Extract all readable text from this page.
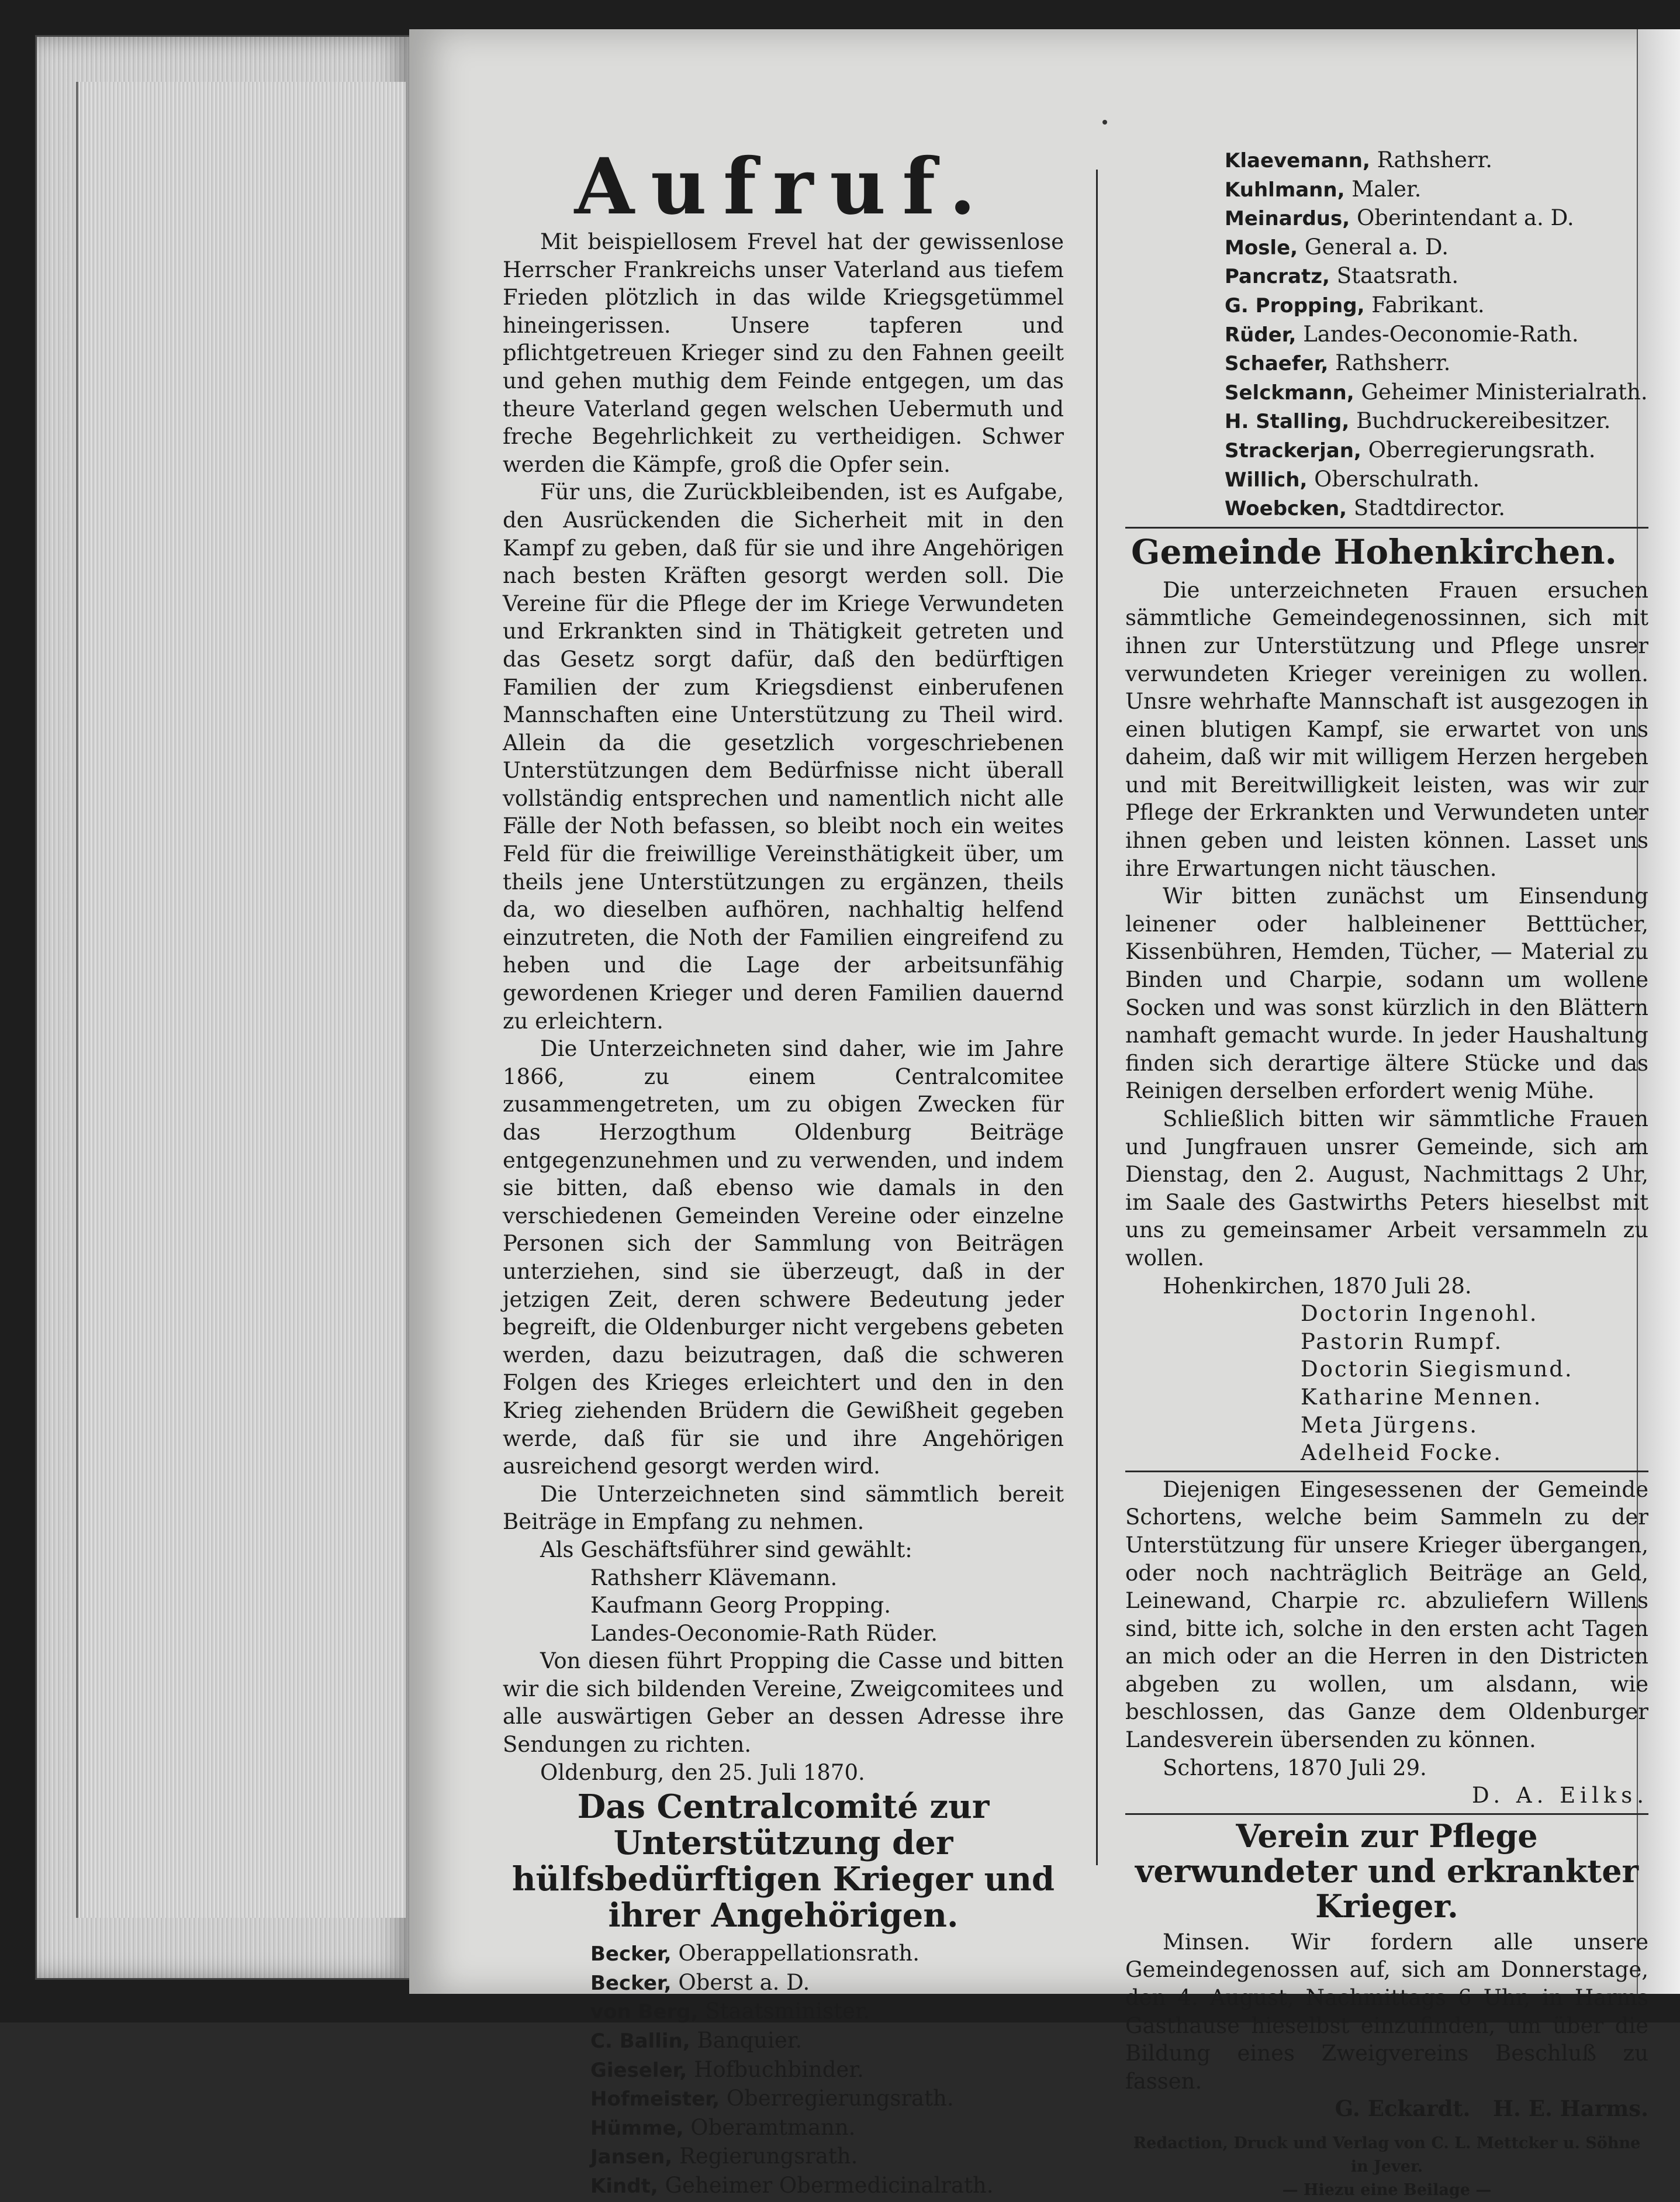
Aufruf.

Mit beispiellosem Frevel hat der gewissenlose Herrscher Frankreichs unser Vaterland aus tiefem Frieden plötzlich in das wilde Kriegsgetümmel hineingerissen. Unsere tapferen und pflichtgetreuen Krieger sind zu den Fahnen geeilt und gehen muthig dem Feinde entgegen, um das theure Vaterland gegen welschen Uebermuth und freche Begehrlichkeit zu vertheidigen. Schwer werden die Kämpfe, groß die Opfer sein.

Für uns, die Zurückbleibenden, ist es Aufgabe, den Ausrückenden die Sicherheit mit in den Kampf zu geben, daß für sie und ihre Angehörigen nach besten Kräften gesorgt werden soll. Die Vereine für die Pflege der im Kriege Verwundeten und Erkrankten sind in Thätigkeit getreten und das Gesetz sorgt dafür, daß den bedürftigen Familien der zum Kriegsdienst einberufenen Mannschaften eine Unterstützung zu Theil wird. Allein da die gesetzlich vorgeschriebenen Unterstützungen dem Bedürfnisse nicht überall vollständig entsprechen und namentlich nicht alle Fälle der Noth befassen, so bleibt noch ein weites Feld für die freiwillige Vereinsthätigkeit über, um theils jene Unterstützungen zu ergänzen, theils da, wo dieselben aufhören, nachhaltig helfend einzutreten, die Noth der Familien eingreifend zu heben und die Lage der arbeitsunfähig gewordenen Krieger und deren Familien dauernd zu erleichtern.

Die Unterzeichneten sind daher, wie im Jahre 1866, zu einem Centralcomitee zusammengetreten, um zu obigen Zwecken für das Herzogthum Oldenburg Beiträge entgegenzunehmen und zu verwenden, und indem sie bitten, daß ebenso wie damals in den verschiedenen Gemeinden Vereine oder einzelne Personen sich der Sammlung von Beiträgen unterziehen, sind sie überzeugt, daß in der jetzigen Zeit, deren schwere Bedeutung jeder begreift, die Oldenburger nicht vergebens gebeten werden, dazu beizutragen, daß die schweren Folgen des Krieges erleichtert und den in den Krieg ziehenden Brüdern die Gewißheit gegeben werde, daß für sie und ihre Angehörigen ausreichend gesorgt werden wird.

Die Unterzeichneten sind sämmtlich bereit Beiträge in Empfang zu nehmen.

Als Geschäftsführer sind gewählt:

Rathsherr Klävemann.
Kaufmann Georg Propping.
Landes-Oeconomie-Rath Rüder.

Von diesen führt Propping die Casse und bitten wir die sich bildenden Vereine, Zweigcomitees und alle auswärtigen Geber an dessen Adresse ihre Sendungen zu richten.

Oldenburg, den 25. Juli 1870.

Das Centralcomité zur Unterstützung der hülfsbedürftigen Krieger und ihrer Angehörigen.
Becker, Oberappellationsrath.
Becker, Oberst a. D.
von Berg, Staatsminister.
C. Ballin, Banquier.
Gieseler, Hofbuchbinder.
Hofmeister, Oberregierungsrath.
Hümme, Oberamtmann.
Jansen, Regierungsrath.
Kindt, Geheimer Obermedicinalrath.
Klaevemann, Rathsherr.
Kuhlmann, Maler.
Meinardus, Oberintendant a. D.
Mosle, General a. D.
Pancratz, Staatsrath.
G. Propping, Fabrikant.
Rüder, Landes-Oeconomie-Rath.
Schaefer, Rathsherr.
Selckmann, Geheimer Ministerialrath.
H. Stalling, Buchdruckereibesitzer.
Strackerjan, Oberregierungsrath.
Willich, Oberschulrath.
Woebcken, Stadtdirector.
Gemeinde Hohenkirchen.

Die unterzeichneten Frauen ersuchen sämmtliche Gemeindegenossinnen, sich mit ihnen zur Unterstützung und Pflege unsrer verwundeten Krieger vereinigen zu wollen. Unsre wehrhafte Mannschaft ist ausgezogen in einen blutigen Kampf, sie erwartet von uns daheim, daß wir mit willigem Herzen hergeben und mit Bereitwilligkeit leisten, was wir zur Pflege der Erkrankten und Verwundeten unter ihnen geben und leisten können. Lasset uns ihre Erwartungen nicht täuschen.

Wir bitten zunächst um Einsendung leinener oder halbleinener Betttücher, Kissenbühren, Hemden, Tücher, — Material zu Binden und Charpie, sodann um wollene Socken und was sonst kürzlich in den Blättern namhaft gemacht wurde. In jeder Haushaltung finden sich derartige ältere Stücke und das Reinigen derselben erfordert wenig Mühe.

Schließlich bitten wir sämmtliche Frauen und Jungfrauen unsrer Gemeinde, sich am Dienstag, den 2. August, Nachmittags 2 Uhr, im Saale des Gastwirths Peters hieselbst mit uns zu gemeinsamer Arbeit versammeln zu wollen.

Hohenkirchen, 1870 Juli 28.

Doctorin Ingenohl.
Pastorin Rumpf.
Doctorin Siegismund.
Katharine Mennen.
Meta Jürgens.
Adelheid Focke.

Diejenigen Eingesessenen der Gemeinde Schortens, welche beim Sammeln zu der Unterstützung für unsere Krieger übergangen, oder noch nachträglich Beiträge an Geld, Leinewand, Charpie rc. abzuliefern Willens sind, bitte ich, solche in den ersten acht Tagen an mich oder an die Herren in den Districten abgeben zu wollen, um alsdann, wie beschlossen, das Ganze dem Oldenburger Landesverein übersenden zu können.

Schortens, 1870 Juli 29.

D. A. Eilks.
Verein zur Pflege verwundeter und erkrankter Krieger.

Minsen. Wir fordern alle unsere Gemeindegenossen auf, sich am Donnerstage, den 4. August, Nachmittags 6 Uhr, in Harms Gasthause hieselbst einzufinden, um über die Bildung eines Zweigvereins Beschluß zu fassen.

G. Eckardt.   H. E. Harms.
Redaction, Druck und Verlag von C. L. Mettcker u. Söhne in Jever.
— Hiezu eine Beilage —
